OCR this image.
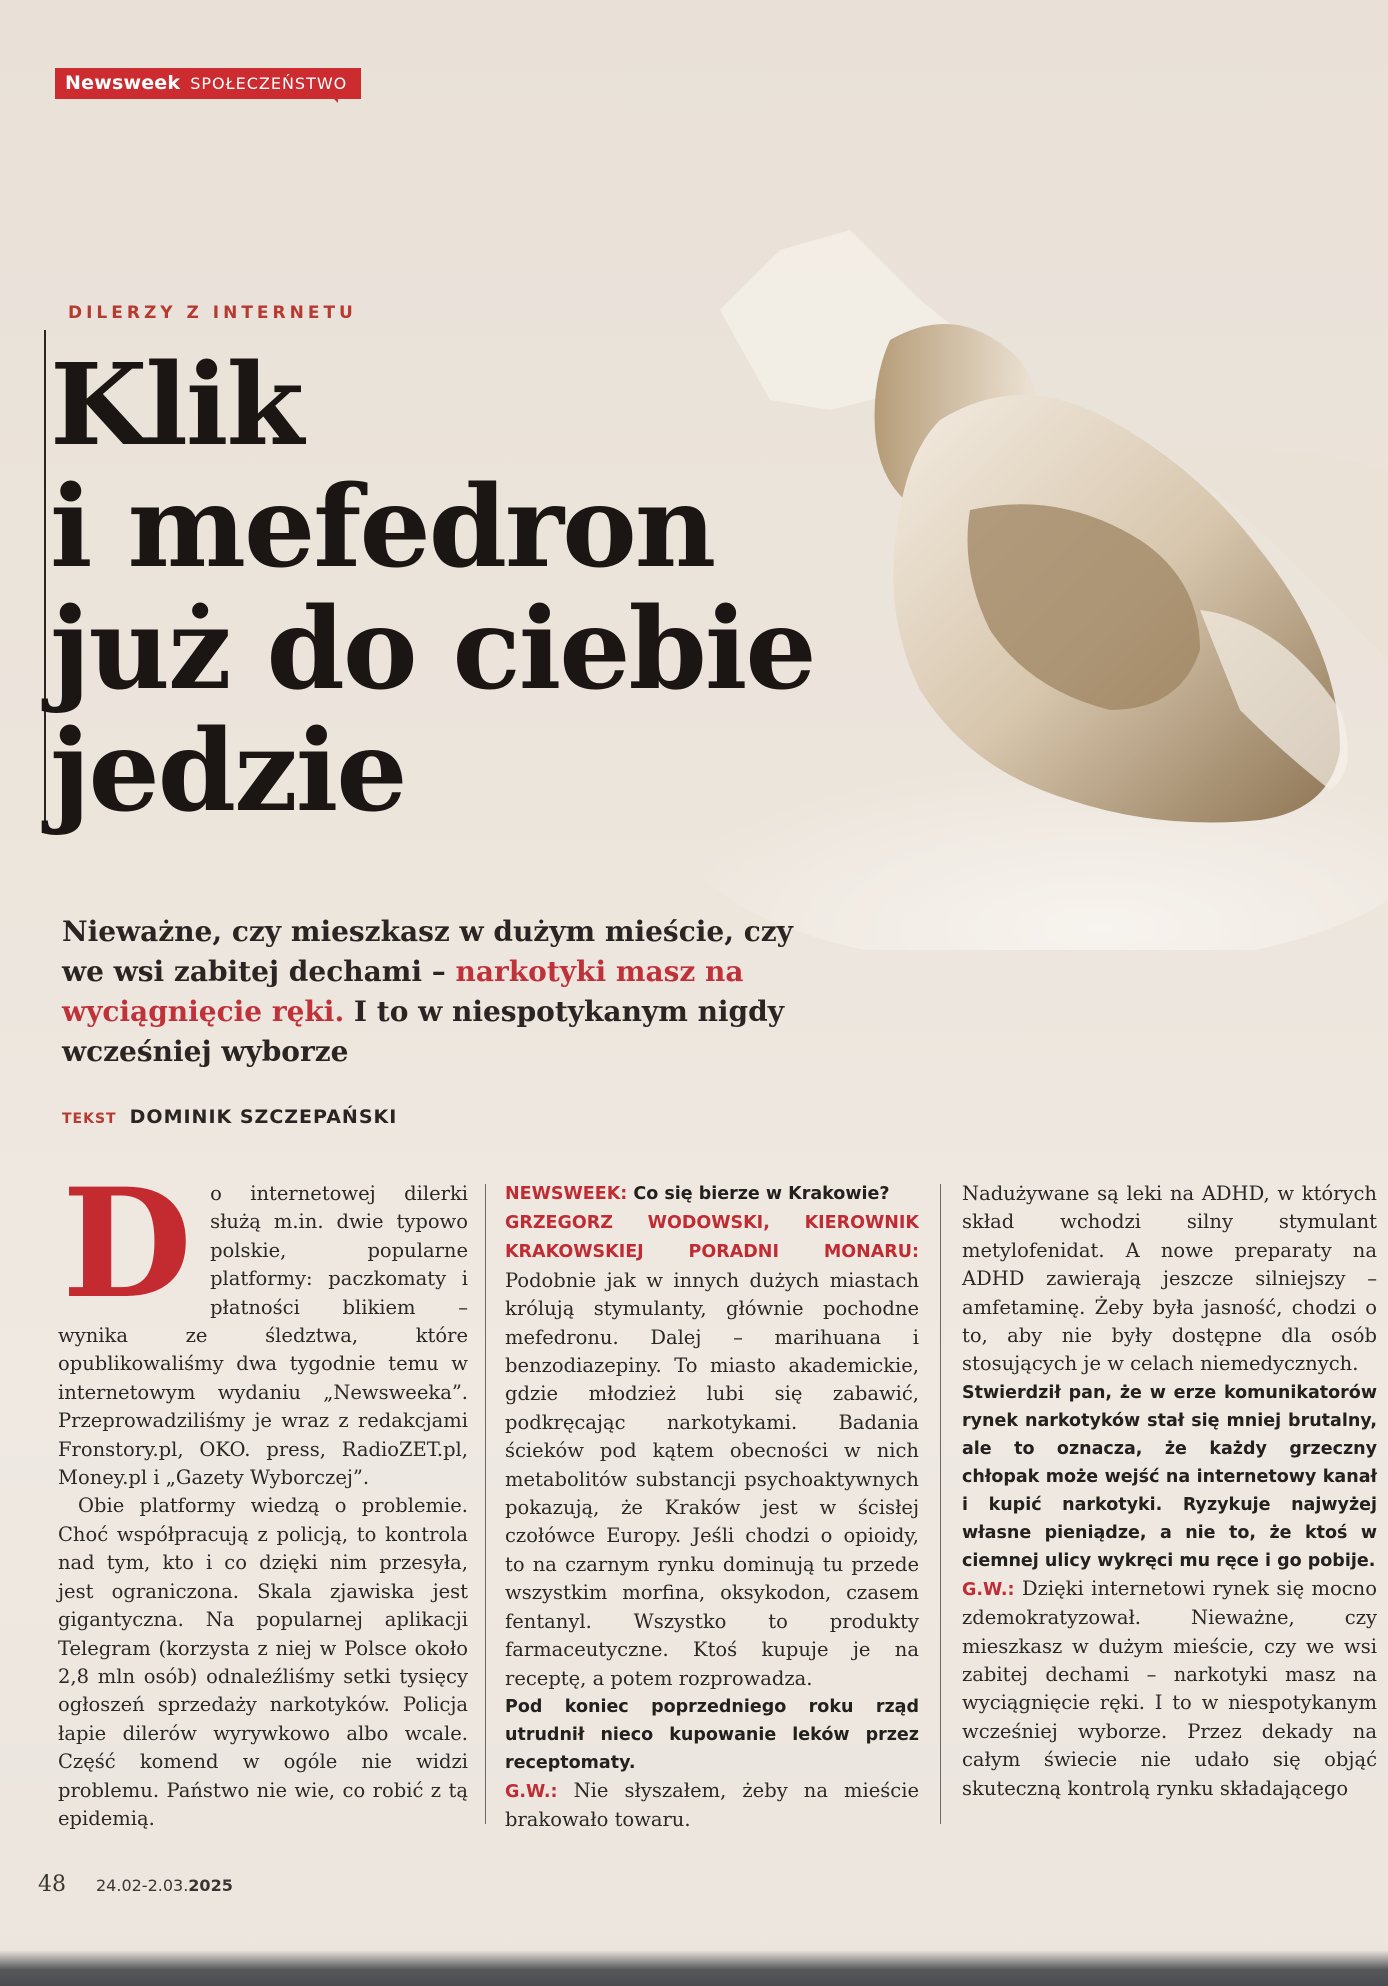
Newsweek SPOŁECZEŃSTWO
DILERZY Z INTERNETU
Klik
i mefedron
już do ciebie
jedzie
Nieważne, czy mieszkasz w dużym mieście, czy we wsi zabitej dechami – narkotyki masz na wyciągnięcie ręki. I to w niespotykanym nigdy wcześniej wyborze
TEKST DOMINIK SZCZEPAŃSKI

Do internetowej dilerki służą m.in. dwie typowo polskie, popularne platformy: paczkomaty i płatności blikiem – wynika ze śledztwa, które opublikowaliśmy dwa tygodnie temu w internetowym wydaniu „Newsweeka”. Przeprowadziliśmy je wraz z redakcjami Fronstory.pl, OKO. press, RadioZET.pl, Money.pl i „Gazety Wyborczej”.

Obie platformy wiedzą o problemie. Choć współpracują z policją, to kontrola nad tym, kto i co dzięki nim przesyła, jest ograniczona. Skala zjawiska jest gigantyczna. Na popularnej aplikacji Telegram (korzysta z niej w Polsce około 2,8 mln osób) odnaleźliśmy setki tysięcy ogłoszeń sprzedaży narkotyków. Policja łapie dilerów wyrywkowo albo wcale. Część komend w ogóle nie widzi problemu. Państwo nie wie, co robić z tą epidemią.

NEWSWEEK: Co się bierze w Krakowie?

GRZEGORZ WODOWSKI, KIEROWNIK KRAKOWSKIEJ PORADNI MONARU: Podobnie jak w innych dużych miastach królują stymulanty, głównie pochodne mefedronu. Dalej – marihuana i benzodiazepiny. To miasto akademickie, gdzie młodzież lubi się zabawić, podkręcając narkotykami. Badania ścieków pod kątem obecności w nich metabolitów substancji psychoaktywnych pokazują, że Kraków jest w ścisłej czołówce Europy. Jeśli chodzi o opioidy, to na czarnym rynku dominują tu przede wszystkim morfina, oksykodon, czasem fentanyl. Wszystko to produkty farmaceutyczne. Ktoś kupuje je na receptę, a potem rozprowadza.

Pod koniec poprzedniego roku rząd utrudnił nieco kupowanie leków przez receptomaty.

G.W.: Nie słyszałem, żeby na mieście brakowało towaru.

Nadużywane są leki na ADHD, w których skład wchodzi silny stymulant metylofenidat. A nowe preparaty na ADHD zawierają jeszcze silniejszy – amfetaminę. Żeby była jasność, chodzi o to, aby nie były dostępne dla osób stosujących je w celach niemedycznych.

Stwierdził pan, że w erze komunikatorów rynek narkotyków stał się mniej brutalny, ale to oznacza, że każdy grzeczny chłopak może wejść na internetowy kanał i kupić narkotyki. Ryzykuje najwyżej własne pieniądze, a nie to, że ktoś w ciemnej ulicy wykręci mu ręce i go pobije.

G.W.: Dzięki internetowi rynek się mocno zdemokratyzował. Nieważne, czy mieszkasz w dużym mieście, czy we wsi zabitej dechami – narkotyki masz na wyciągnięcie ręki. I to w niespotykanym wcześniej wyborze. Przez dekady na całym świecie nie udało się objąć skuteczną kontrolą rynku składającego

48 24.02-2.03.2025
